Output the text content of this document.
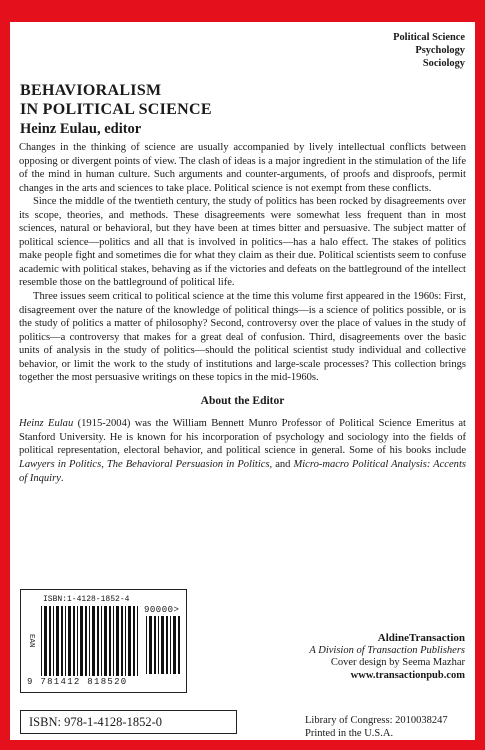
Political Science
Psychology
Sociology
BEHAVIORALISM
IN POLITICAL SCIENCE
Heinz Eulau, editor

Changes in the thinking of science are usually accompanied by lively intellectual conflicts between opposing or divergent points of view. The clash of ideas is a major ingredient in the stimulation of the life of the mind in human culture. Such arguments and counter-arguments, of proofs and disproofs, permit changes in the arts and sciences to take place. Political science is not exempt from these conflicts.

Since the middle of the twentieth century, the study of politics has been rocked by disagreements over its scope, theories, and methods. These disagreements were somewhat less frequent than in most sciences, natural or behavioral, but they have been at times bitter and persuasive. The subject matter of political science—politics and all that is involved in politics—has a halo effect. The stakes of politics make people fight and sometimes die for what they claim as their due. Political scientists seem to confuse academic with political stakes, behaving as if the victories and defeats on the battleground of the intellect resemble those on the battleground of political life.

Three issues seem critical to political science at the time this volume first appeared in the 1960s: First, disagreement over the nature of the knowledge of political things—is a science of politics possible, or is the study of politics a matter of philosophy? Second, controversy over the place of values in the study of politics—a controversy that makes for a great deal of confusion. Third, disagreements over the basic units of analysis in the study of politics—should the political scientist study individual and collective behavior, or limit the work to the study of institutions and large-scale processes? This collection brings together the most persuasive writings on these topics in the mid-1960s.

About the Editor

Heinz Eulau (1915-2004) was the William Bennett Munro Professor of Political Science Emeritus at Stanford University. He is known for his incorporation of psychology and sociology into the fields of political representation, electoral behavior, and political science in general. Some of his books include Lawyers in Politics, The Behavioral Persuasion in Politics, and Micro-macro Political Analysis: Accents of Inquiry.

ISBN:1-4128-1852-4
EAN
90000>
9 781412 818520
ISBN: 978-1-4128-1852-0
AldineTransaction
A Division of Transaction Publishers
Cover design by Seema Mazhar
www.transactionpub.com
Library of Congress: 2010038247
Printed in the U.S.A.
